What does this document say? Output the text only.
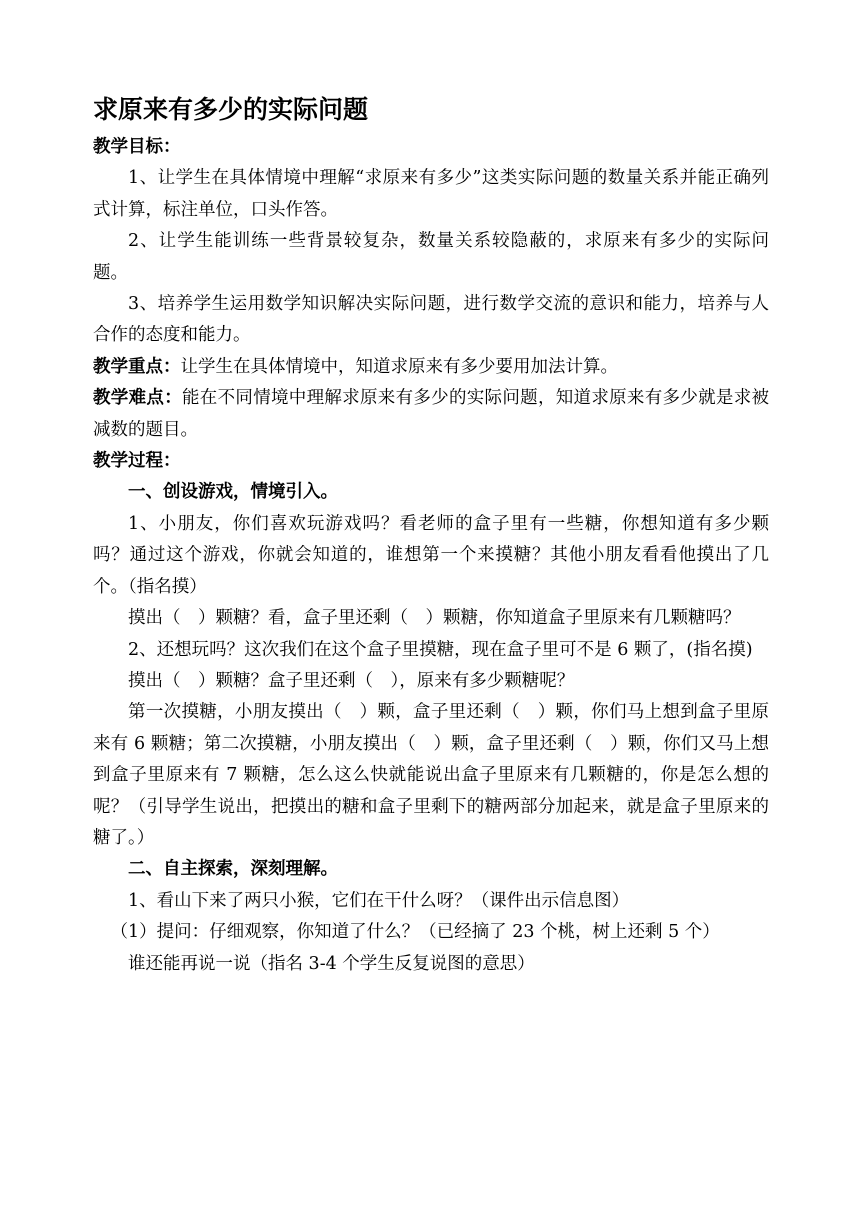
求原来有多少的实际问题

教学目标：

1、让学生在具体情境中理解“求原来有多少”这类实际问题的数量关系并能正确列式计算，标注单位，口头作答。

2、让学生能训练一些背景较复杂，数量关系较隐蔽的，求原来有多少的实际问题。

3、培养学生运用数学知识解决实际问题，进行数学交流的意识和能力，培养与人合作的态度和能力。

教学重点：让学生在具体情境中，知道求原来有多少要用加法计算。

教学难点：能在不同情境中理解求原来有多少的实际问题，知道求原来有多少就是求被减数的题目。

教学过程：

一、创设游戏，情境引入。

1、小朋友，你们喜欢玩游戏吗？看老师的盒子里有一些糖，你想知道有多少颗吗？通过这个游戏，你就会知道的，谁想第一个来摸糖？其他小朋友看看他摸出了几个。（指名摸）

摸出（　）颗糖？看，盒子里还剩（　）颗糖，你知道盒子里原来有几颗糖吗？

2、还想玩吗？这次我们在这个盒子里摸糖，现在盒子里可不是 6 颗了，(指名摸)

摸出（　）颗糖？盒子里还剩（　），原来有多少颗糖呢？

第一次摸糖，小朋友摸出（　）颗，盒子里还剩（　）颗，你们马上想到盒子里原来有 6 颗糖；第二次摸糖，小朋友摸出（　）颗，盒子里还剩（　）颗，你们又马上想到盒子里原来有 7 颗糖，怎么这么快就能说出盒子里原来有几颗糖的，你是怎么想的呢？（引导学生说出，把摸出的糖和盒子里剩下的糖两部分加起来，就是盒子里原来的糖了。）

二、自主探索，深刻理解。

1、看山下来了两只小猴，它们在干什么呀？（课件出示信息图）

（1）提问：仔细观察，你知道了什么？（已经摘了 23 个桃，树上还剩 5 个）

谁还能再说一说（指名 3-4 个学生反复说图的意思）
